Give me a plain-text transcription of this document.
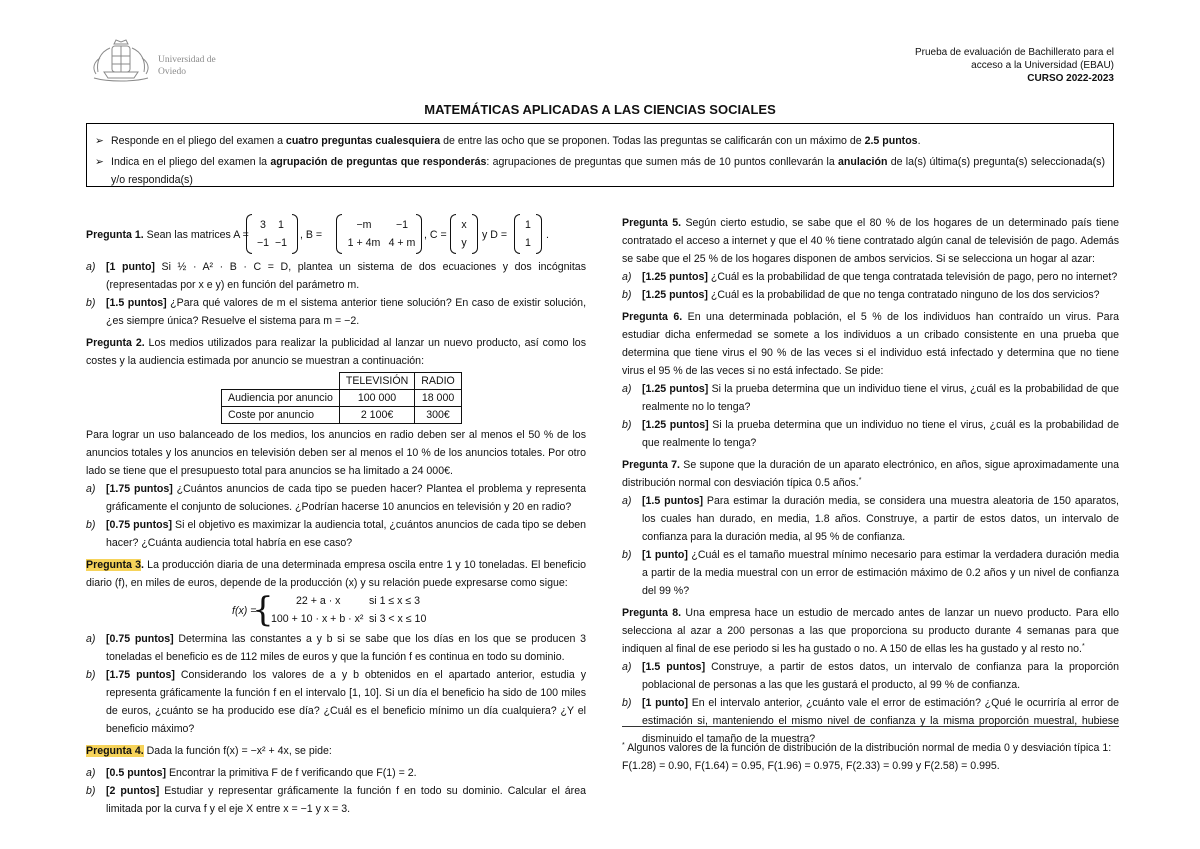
Universidad de
Oviedo
Prueba de evaluación de Bachillerato para el
acceso a la Universidad (EBAU)
CURSO 2022-2023
MATEMÁTICAS APLICADAS A LAS CIENCIAS SOCIALES
➢ Responde en el pliego del examen a cuatro preguntas cualesquiera de entre las ocho que se proponen. Todas las preguntas se calificarán con un máximo de 2.5 puntos.
➢ Indica en el pliego del examen la agrupación de preguntas que responderás: agrupaciones de preguntas que sumen más de 10 puntos conllevarán la anulación de la(s) última(s) pregunta(s) seleccionada(s) y/o respondida(s)
Pregunta 1. Sean las matrices A =
3	1
−1 −1
, B =
−m	−1
1 + 4m 4 + m
, C =
x
y
y D =
1
1
.
a) [1 punto] Si ½ · A² · B · C = D, plantea un sistema de dos ecuaciones y dos incógnitas (representadas por x e y) en función del parámetro m.
b) [1.5 puntos] ¿Para qué valores de m el sistema anterior tiene solución? En caso de existir solución, ¿es siempre única? Resuelve el sistema para m = −2.

Pregunta 2. Los medios utilizados para realizar la publicidad al lanzar un nuevo producto, así como los costes y la audiencia estimada por anuncio se muestran a continuación:

	TELEVISIÓN	RADIO
Audiencia por anuncio	100 000	18 000
Coste por anuncio	2 100€	300€

Para lograr un uso balanceado de los medios, los anuncios en radio deben ser al menos el 50 % de los anuncios totales y los anuncios en televisión deben ser al menos el 10 % de los anuncios totales. Por otro lado se tiene que el presupuesto total para anuncios se ha limitado a 24 000€.

a) [1.75 puntos] ¿Cuántos anuncios de cada tipo se pueden hacer? Plantea el problema y representa gráficamente el conjunto de soluciones. ¿Podrían hacerse 10 anuncios en televisión y 20 en radio?
b) [0.75 puntos] Si el objetivo es maximizar la audiencia total, ¿cuántos anuncios de cada tipo se deben hacer? ¿Cuánta audiencia total habría en ese caso?

Pregunta 3. La producción diaria de una determinada empresa oscila entre 1 y 10 toneladas. El beneficio diario (f), en miles de euros, depende de la producción (x) y su relación puede expresarse como sigue:

f(x) =
{ 22 + a · x	si 1 ≤ x ≤ 3
100 + 10 · x + b · x² si 3 < x ≤ 10
a) [0.75 puntos] Determina las constantes a y b si se sabe que los días en los que se producen 3 toneladas el beneficio es de 112 miles de euros y que la función f es continua en todo su dominio.
b) [1.75 puntos] Considerando los valores de a y b obtenidos en el apartado anterior, estudia y representa gráficamente la función f en el intervalo [1, 10]. Si un día el beneficio ha sido de 100 miles de euros, ¿cuánto se ha producido ese día? ¿Cuál es el beneficio mínimo un día cualquiera? ¿Y el beneficio máximo?

Pregunta 4. Dada la función f(x) = −x² + 4x, se pide:

a) [0.5 puntos] Encontrar la primitiva F de f verificando que F(1) = 2.
b) [2 puntos] Estudiar y representar gráficamente la función f en todo su dominio. Calcular el área limitada por la curva f y el eje X entre x = −1 y x = 3.

Pregunta 5. Según cierto estudio, se sabe que el 80 % de los hogares de un determinado país tiene contratado el acceso a internet y que el 40 % tiene contratado algún canal de televisión de pago. Además se sabe que el 25 % de los hogares disponen de ambos servicios. Si se selecciona un hogar al azar:

a) [1.25 puntos] ¿Cuál es la probabilidad de que tenga contratada televisión de pago, pero no internet?
b) [1.25 puntos] ¿Cuál es la probabilidad de que no tenga contratado ninguno de los dos servicios?

Pregunta 6. En una determinada población, el 5 % de los individuos han contraído un virus. Para estudiar dicha enfermedad se somete a los individuos a un cribado consistente en una prueba que determina que tiene virus el 90 % de las veces si el individuo está infectado y determina que no tiene virus el 95 % de las veces si no está infectado. Se pide:

a) [1.25 puntos] Si la prueba determina que un individuo tiene el virus, ¿cuál es la probabilidad de que realmente no lo tenga?
b) [1.25 puntos] Si la prueba determina que un individuo no tiene el virus, ¿cuál es la probabilidad de que realmente lo tenga?

Pregunta 7. Se supone que la duración de un aparato electrónico, en años, sigue aproximadamente una distribución normal con desviación típica 0.5 años.*

a) [1.5 puntos] Para estimar la duración media, se considera una muestra aleatoria de 150 aparatos, los cuales han durado, en media, 1.8 años. Construye, a partir de estos datos, un intervalo de confianza para la duración media, al 95 % de confianza.
b) [1 punto] ¿Cuál es el tamaño muestral mínimo necesario para estimar la verdadera duración media a partir de la media muestral con un error de estimación máximo de 0.2 años y un nivel de confianza del 99 %?

Pregunta 8. Una empresa hace un estudio de mercado antes de lanzar un nuevo producto. Para ello selecciona al azar a 200 personas a las que proporciona su producto durante 4 semanas para que indiquen al final de ese periodo si les ha gustado o no. A 150 de ellas les ha gustado y al resto no.*

a) [1.5 puntos] Construye, a partir de estos datos, un intervalo de confianza para la proporción poblacional de personas a las que les gustará el producto, al 99 % de confianza.
b) [1 punto] En el intervalo anterior, ¿cuánto vale el error de estimación? ¿Qué le ocurriría al error de estimación si, manteniendo el mismo nivel de confianza y la misma proporción muestral, hubiese disminuido el tamaño de la muestra?
* Algunos valores de la función de distribución de la distribución normal de media 0 y desviación típica 1:
F(1.28) = 0.90, F(1.64) = 0.95, F(1.96) = 0.975, F(2.33) = 0.99 y F(2.58) = 0.995.
